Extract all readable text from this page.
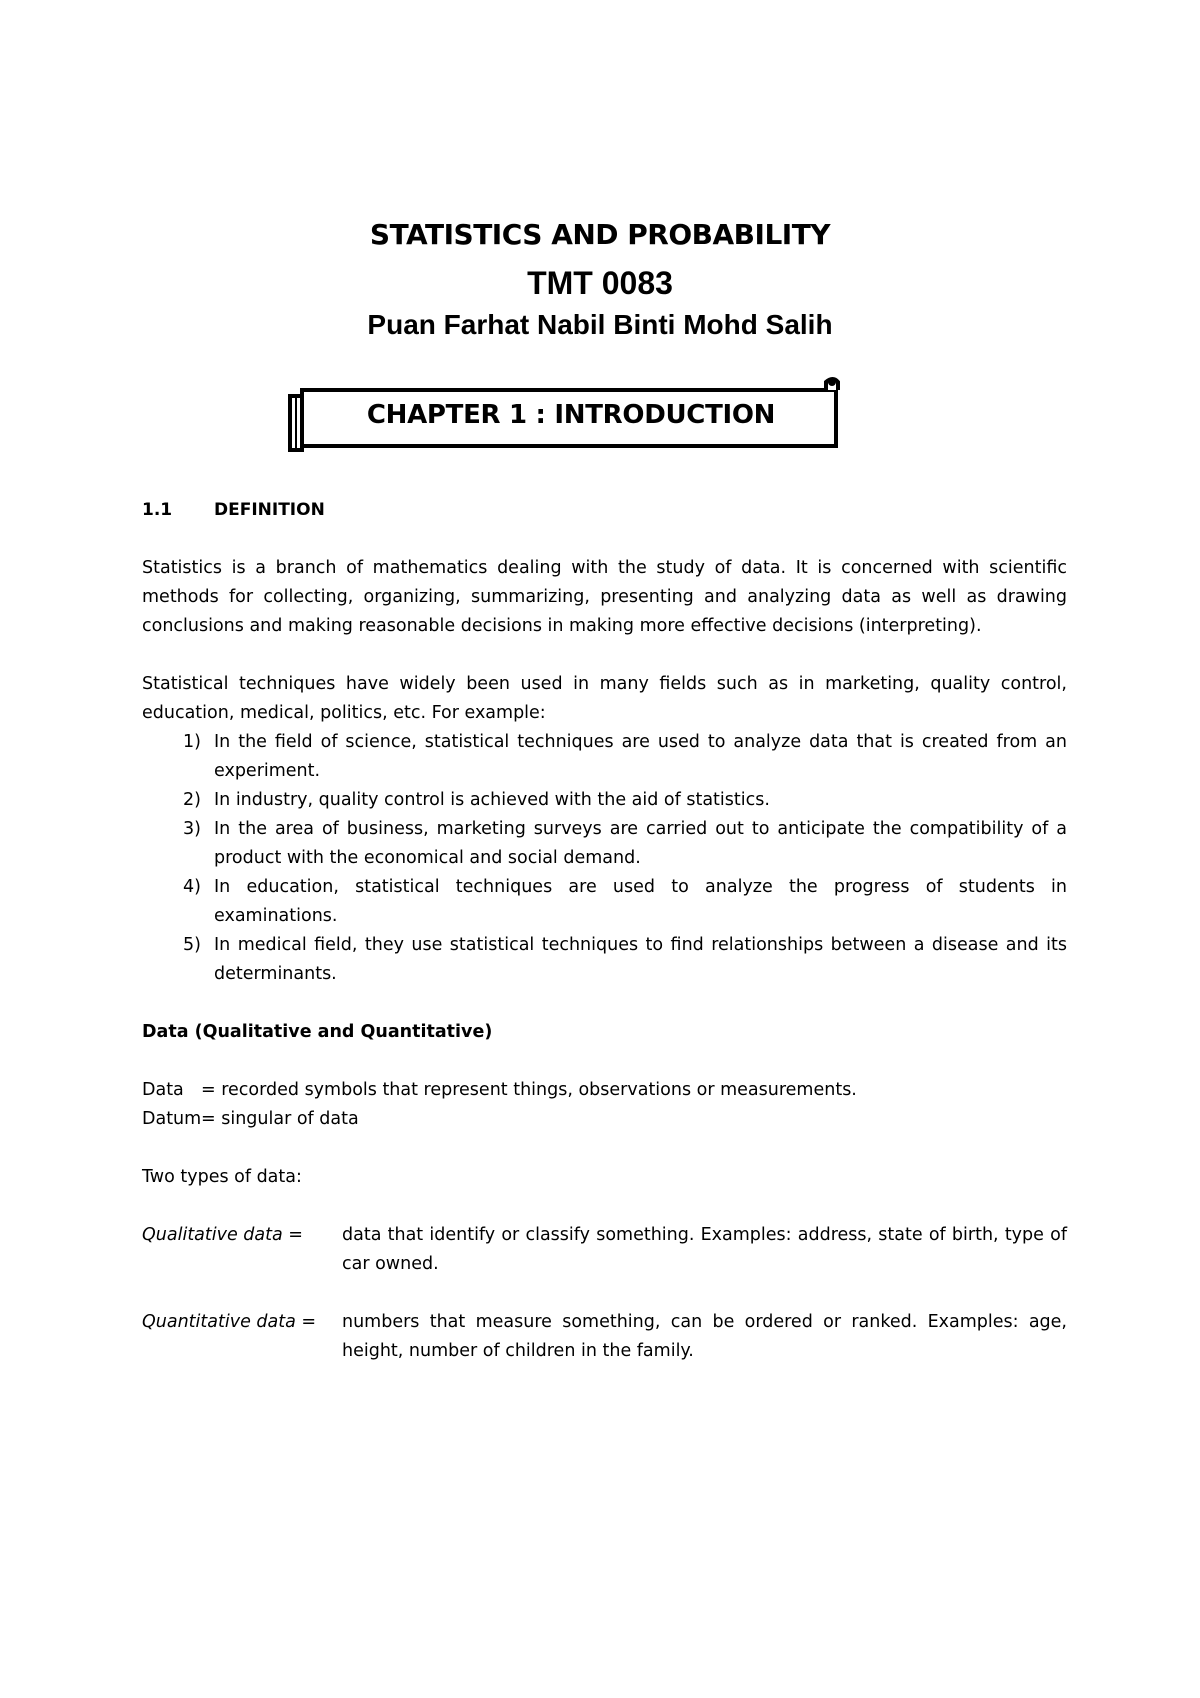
STATISTICS AND PROBABILITY
TMT 0083
Puan Farhat Nabil Binti Mohd Salih
CHAPTER 1 : INTRODUCTION
1.1	DEFINITION

Statistics is a branch of mathematics dealing with the study of data. It is concerned with scientific methods for collecting, organizing, summarizing, presenting and analyzing data as well as drawing conclusions and making reasonable decisions in making more effective decisions (interpreting).

Statistical techniques have widely been used in many fields such as in marketing, quality control, education, medical, politics, etc. For example:

1) In the field of science, statistical techniques are used to analyze data that is created from an experiment.
2) In industry, quality control is achieved with the aid of statistics.
3) In the area of business, marketing surveys are carried out to anticipate the compatibility of a product with the economical and social demand.
4) In education, statistical techniques are used to analyze the progress of students in examinations.
5) In medical field, they use statistical techniques to find relationships between a disease and its determinants.
Data (Qualitative and Quantitative)
Data = recorded symbols that represent things, observations or measurements.
Datum = singular of data
Two types of data:
Qualitative data =	data that identify or classify something. Examples: address, state of birth, type of car owned.
Quantitative data =	numbers that measure something, can be ordered or ranked. Examples: age, height, number of children in the family.
